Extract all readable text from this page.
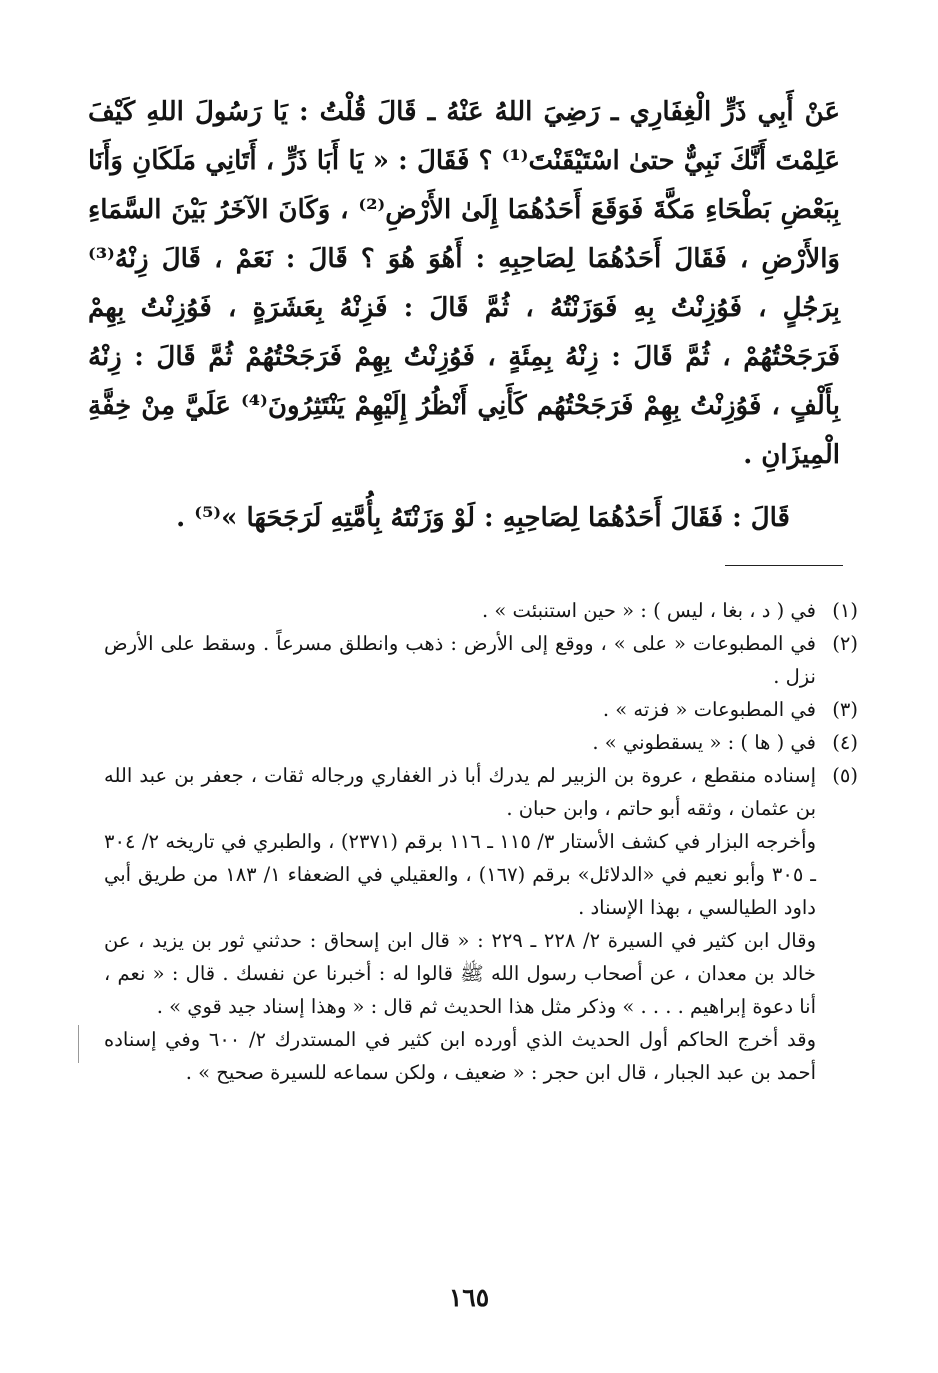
عَنْ أَبِي ذَرٍّ الْغِفَارِي ـ رَضِيَ اللهُ عَنْهُ ـ قَالَ قُلْتُ : يَا رَسُولَ اللهِ كَيْفَ عَلِمْتَ أَنَّكَ نَبِيٌّ حتىٰ اسْتَيْقَنْتَ⁽¹⁾ ؟ فَقَالَ : « يَا أَبَا ذَرٍّ ، أَتَانِي مَلَكَانِ وَأَنَا بِبَعْضِ بَطْحَاءِ مَكَّةَ فَوَقَعَ أَحَدُهُمَا إِلَىٰ الأَرْضِ⁽²⁾ ، وَكَانَ الآخَرُ بَيْنَ السَّمَاءِ وَالأَرْضِ ، فَقَالَ أَحَدُهُمَا لِصَاحِبِهِ : أَهُوَ هُوَ ؟ قَالَ : نَعَمْ ، قَالَ زِنْهُ⁽³⁾ بِرَجُلٍ ، فَوُزِنْتُ بِهِ فَوَزَنْتُهُ ، ثُمَّ قَالَ : فَزِنْهُ بِعَشَرَةٍ ، فَوُزِنْتُ بِهِمْ فَرَجَحْتُهُمْ ، ثُمَّ قَالَ : زِنْهُ بِمِئَةٍ ، فَوُزِنْتُ بِهِمْ فَرَجَحْتُهُمْ ثُمَّ قَالَ : زِنْهُ بِأَلْفٍ ، فَوُزِنْتُ بِهِمْ فَرَجَحْتُهُم كَأَنِي أَنْظُرُ إِلَيْهِمْ يَنْتَثِرُونَ⁽⁴⁾ عَلَيَّ مِنْ خِفَّةِ الْمِيزَانِ .

قَالَ : فَقَالَ أَحَدُهُمَا لِصَاحِبِهِ : لَوْ وَزَنْتَهُ بِأُمَّتِهِ لَرَجَحَهَا »⁽⁵⁾ .
(١)

في ( د ، بغا ، ليس ) : « حين استنبئت » .

(٢)

في المطبوعات « على » ، ووقع إلى الأرض : ذهب وانطلق مسرعاً . وسقط على الأرض نزل .

(٣)

في المطبوعات « فزته » .

(٤)

في ( ها ) : « يسقطوني » .

(٥)

إسناده منقطع ، عروة بن الزبير لم يدرك أبا ذر الغفاري ورجاله ثقات ، جعفر بن عبد الله بن عثمان ، وثقه أبو حاتم ، وابن حبان .

وأخرجه البزار في كشف الأستار ٣/ ١١٥ ـ ١١٦ برقم (٢٣٧١) ، والطبري في تاريخه ٢/ ٣٠٤ ـ ٣٠٥ وأبو نعيم في «الدلائل» برقم (١٦٧) ، والعقيلي في الضعفاء ١/ ١٨٣ من طريق أبي داود الطيالسي ، بهذا الإسناد .

وقال ابن كثير في السيرة ٢/ ٢٢٨ ـ ٢٢٩ : « قال ابن إسحاق : حدثني ثور بن يزيد ، عن خالد بن معدان ، عن أصحاب رسول الله ﷺ قالوا له : أخبرنا عن نفسك . قال : « نعم ، أنا دعوة إبراهيم . . . . » وذكر مثل هذا الحديث ثم قال : « وهذا إسناد جيد قوي » .

وقد أخرج الحاكم أول الحديث الذي أورده ابن كثير في المستدرك ٢/ ٦٠٠ وفي إسناده أحمد بن عبد الجبار ، قال ابن حجر : « ضعيف ، ولكن سماعه للسيرة صحيح » .

١٦٥
